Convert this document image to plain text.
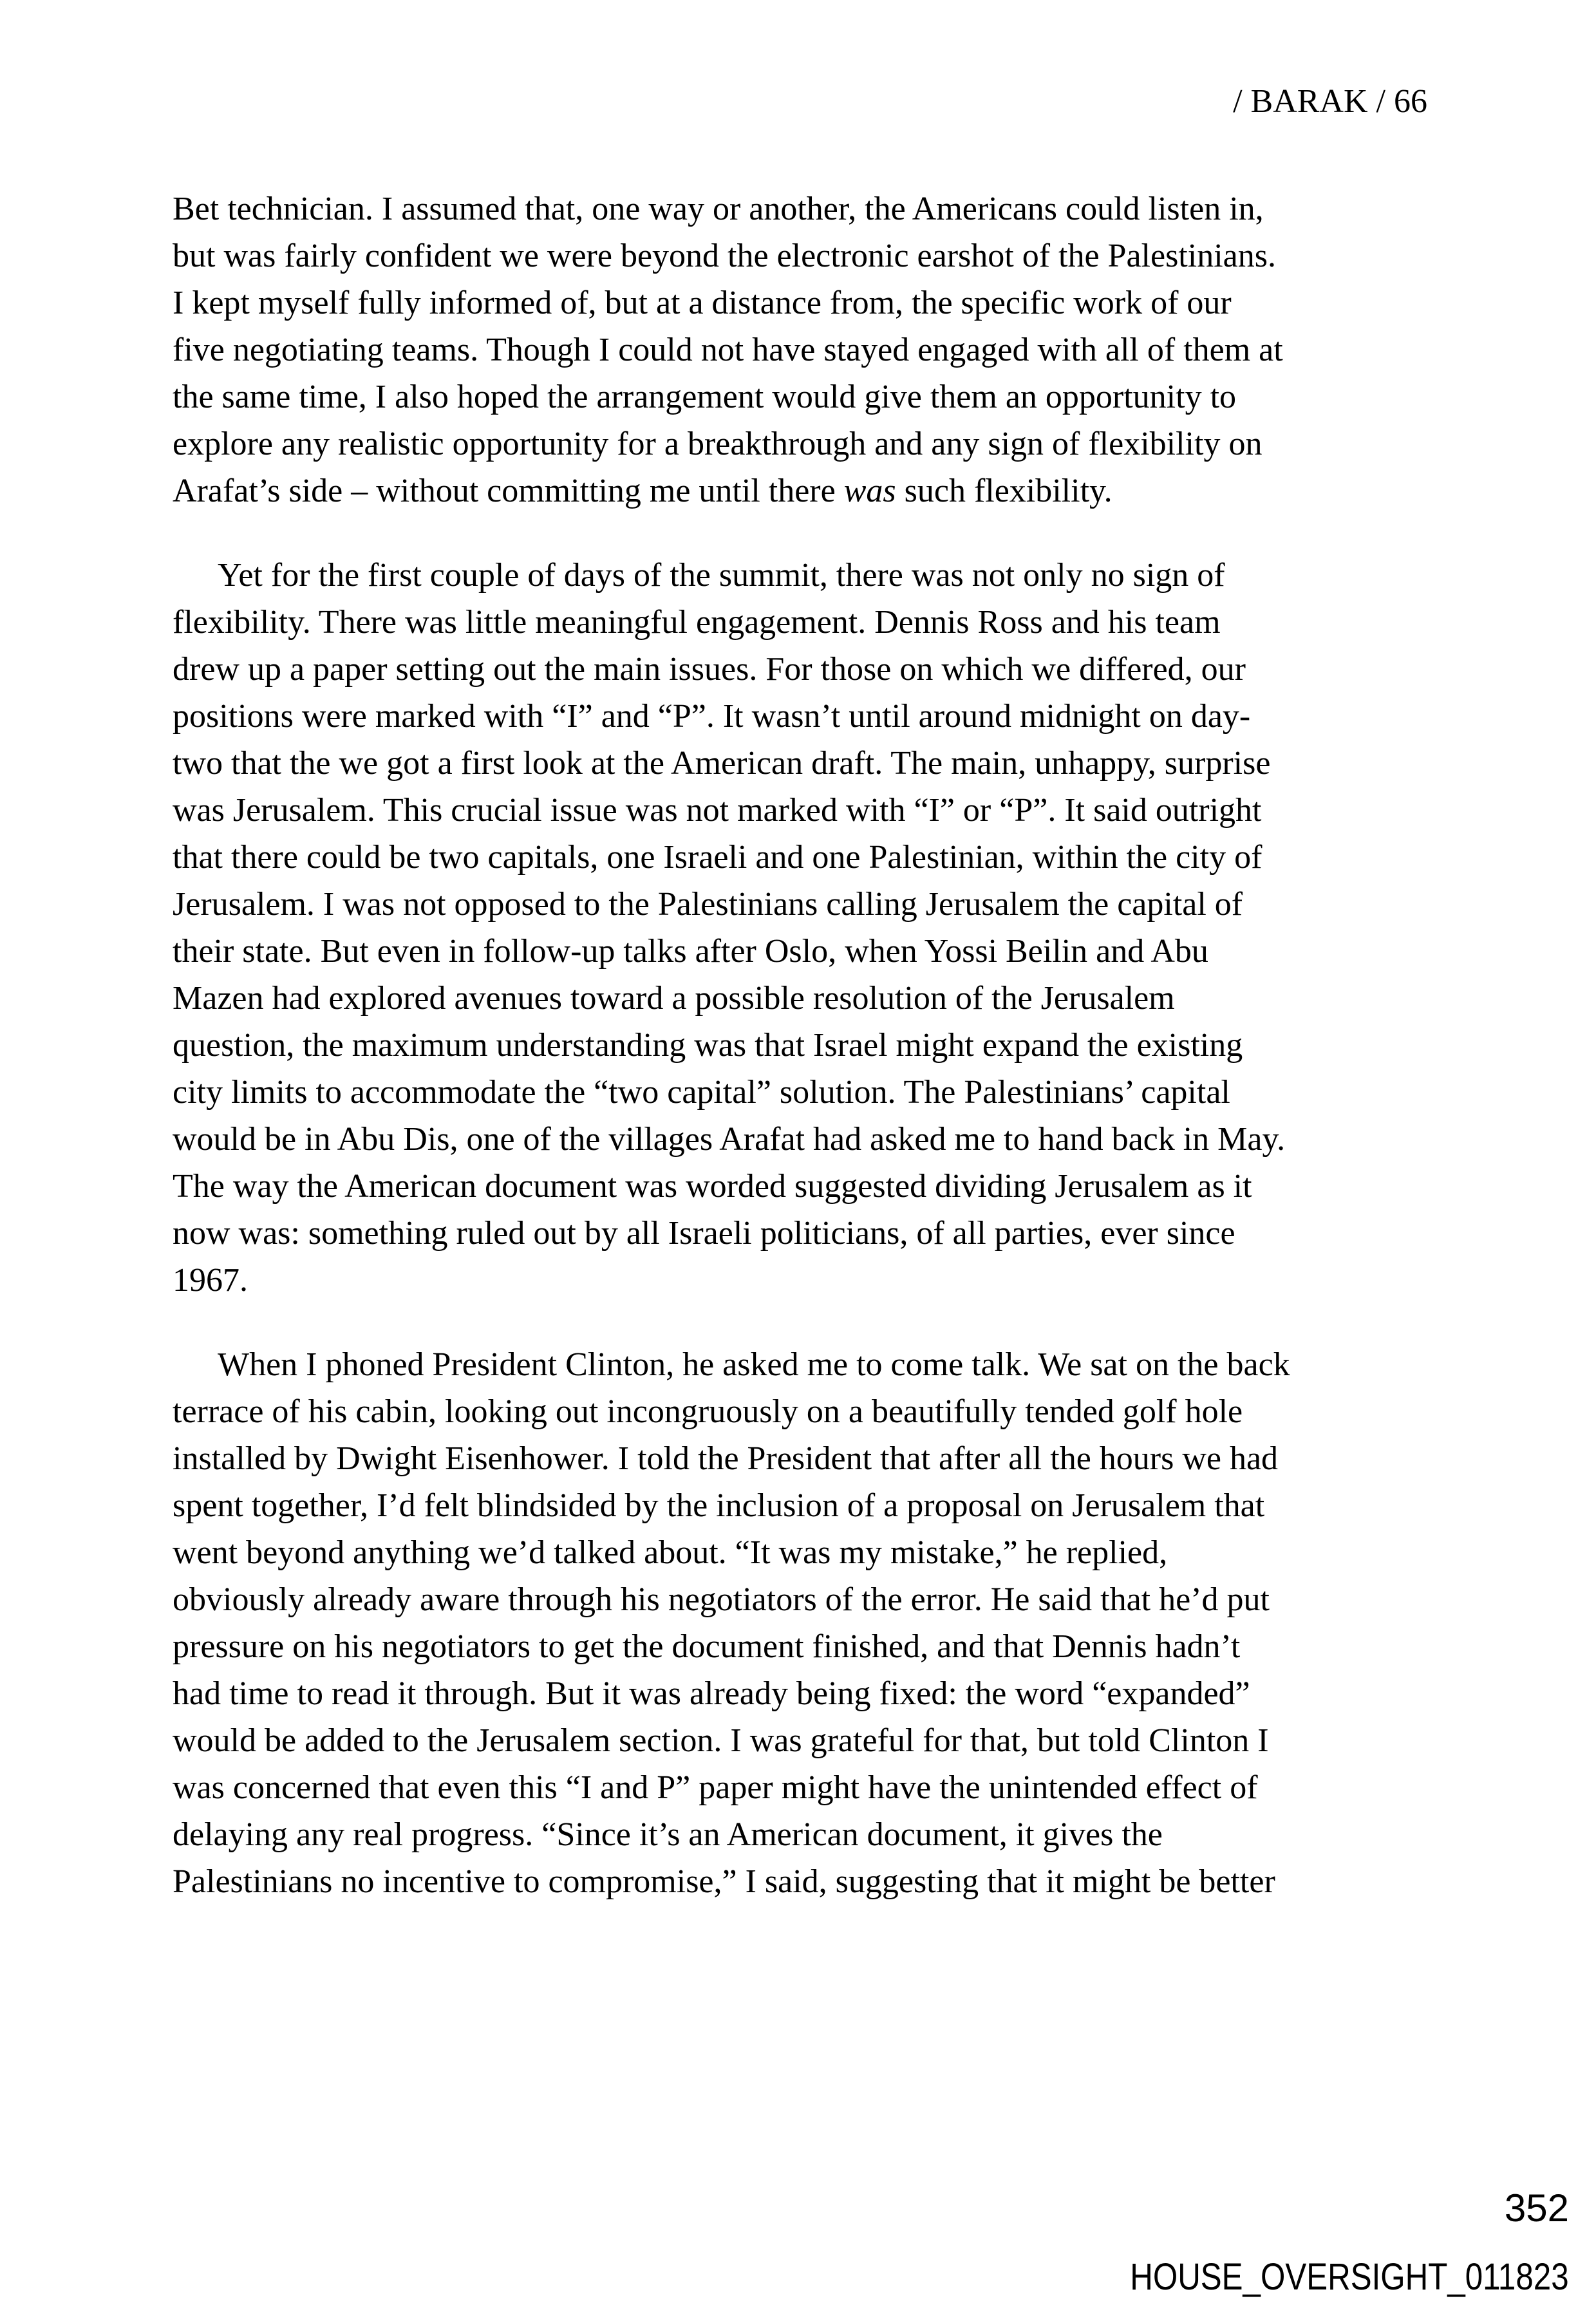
/ BARAK / 66

Bet technician. I assumed that, one way or another, the Americans could listen in,
but was fairly confident we were beyond the electronic earshot of the Palestinians.
I kept myself fully informed of, but at a distance from, the specific work of our
five negotiating teams. Though I could not have stayed engaged with all of them at
the same time, I also hoped the arrangement would give them an opportunity to
explore any realistic opportunity for a breakthrough and any sign of flexibility on
Arafat’s side – without committing me until there was such flexibility.

Yet for the first couple of days of the summit, there was not only no sign of
flexibility. There was little meaningful engagement. Dennis Ross and his team
drew up a paper setting out the main issues. For those on which we differed, our
positions were marked with “I” and “P”. It wasn’t until around midnight on day-
two that the we got a first look at the American draft. The main, unhappy, surprise
was Jerusalem. This crucial issue was not marked with “I” or “P”. It said outright
that there could be two capitals, one Israeli and one Palestinian, within the city of
Jerusalem. I was not opposed to the Palestinians calling Jerusalem the capital of
their state. But even in follow-up talks after Oslo, when Yossi Beilin and Abu
Mazen had explored avenues toward a possible resolution of the Jerusalem
question, the maximum understanding was that Israel might expand the existing
city limits to accommodate the “two capital” solution. The Palestinians’ capital
would be in Abu Dis, one of the villages Arafat had asked me to hand back in May.
The way the American document was worded suggested dividing Jerusalem as it
now was: something ruled out by all Israeli politicians, of all parties, ever since
1967.

When I phoned President Clinton, he asked me to come talk. We sat on the back
terrace of his cabin, looking out incongruously on a beautifully tended golf hole
installed by Dwight Eisenhower. I told the President that after all the hours we had
spent together, I’d felt blindsided by the inclusion of a proposal on Jerusalem that
went beyond anything we’d talked about. “It was my mistake,” he replied,
obviously already aware through his negotiators of the error. He said that he’d put
pressure on his negotiators to get the document finished, and that Dennis hadn’t
had time to read it through. But it was already being fixed: the word “expanded”
would be added to the Jerusalem section. I was grateful for that, but told Clinton I
was concerned that even this “I and P” paper might have the unintended effect of
delaying any real progress. “Since it’s an American document, it gives the
Palestinians no incentive to compromise,” I said, suggesting that it might be better

352
HOUSE_OVERSIGHT_011823
